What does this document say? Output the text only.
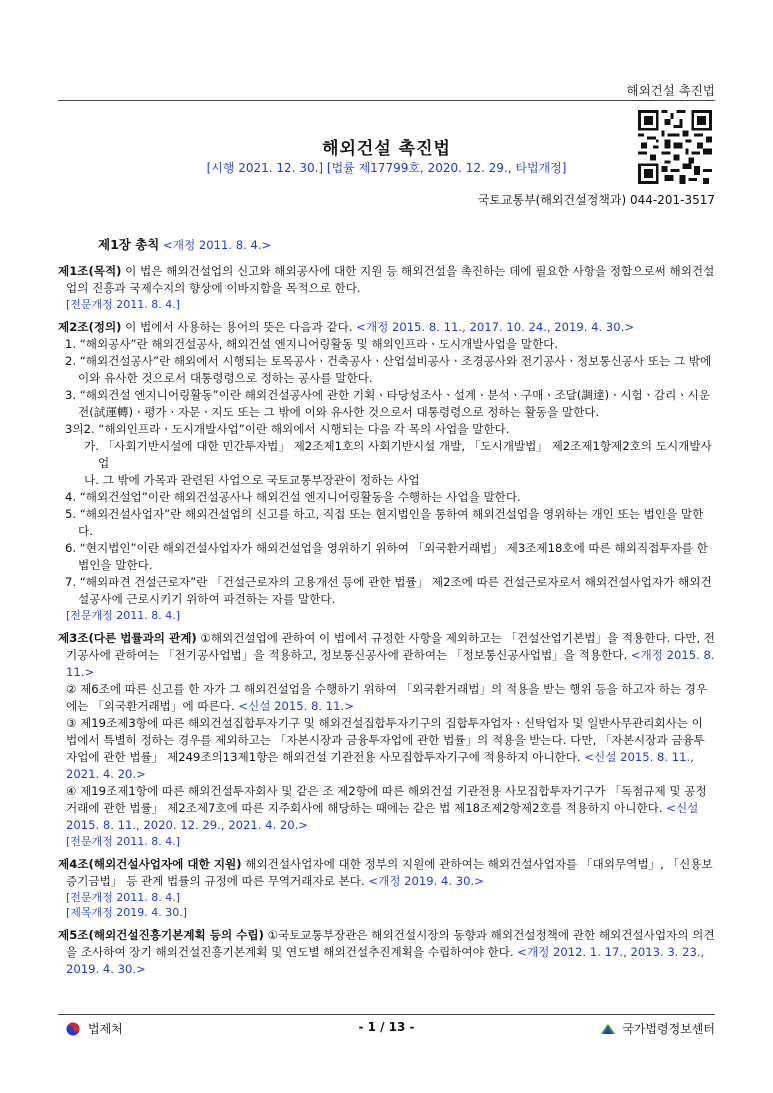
해외건설 촉진법
해외건설 촉진법
[시행 2021. 12. 30.] [법률 제17799호, 2020. 12. 29., 타법개정]
국토교통부(해외건설정책과) 044-201-3517
제1장 총칙 <개정 2011. 8. 4.>
제1조(목적) 이 법은 해외건설업의 신고와 해외공사에 대한 지원 등 해외건설을 촉진하는 데에 필요한 사항을 정함으로써 해외건설업의 진흥과 국제수지의 향상에 이바지함을 목적으로 한다.
[전문개정 2011. 8. 4.]
제2조(정의) 이 법에서 사용하는 용어의 뜻은 다음과 같다. <개정 2015. 8. 11., 2017. 10. 24., 2019. 4. 30.>
1. “해외공사”란 해외건설공사, 해외건설 엔지니어링활동 및 해외인프라ㆍ도시개발사업을 말한다.
2. “해외건설공사”란 해외에서 시행되는 토목공사ㆍ건축공사ㆍ산업설비공사ㆍ조경공사와 전기공사ㆍ정보통신공사 또는 그 밖에 이와 유사한 것으로서 대통령령으로 정하는 공사를 말한다.
3. “해외건설 엔지니어링활동”이란 해외건설공사에 관한 기획ㆍ타당성조사ㆍ설계ㆍ분석ㆍ구매ㆍ조달(調達)ㆍ시험ㆍ감리ㆍ시운전(試運轉)ㆍ평가ㆍ자문ㆍ지도 또는 그 밖에 이와 유사한 것으로서 대통령령으로 정하는 활동을 말한다.
3의2. “해외인프라ㆍ도시개발사업”이란 해외에서 시행되는 다음 각 목의 사업을 말한다.
가. 「사회기반시설에 대한 민간투자법」 제2조제1호의 사회기반시설 개발, 「도시개발법」 제2조제1항제2호의 도시개발사업
나. 그 밖에 가목과 관련된 사업으로 국토교통부장관이 정하는 사업
4. “해외건설업”이란 해외건설공사나 해외건설 엔지니어링활동을 수행하는 사업을 말한다.
5. “해외건설사업자”란 해외건설업의 신고를 하고, 직접 또는 현지법인을 통하여 해외건설업을 영위하는 개인 또는 법인을 말한다.
6. “현지법인”이란 해외건설사업자가 해외건설업을 영위하기 위하여 「외국환거래법」 제3조제18호에 따른 해외직접투자를 한 법인을 말한다.
7. “해외파견 건설근로자”란 「건설근로자의 고용개선 등에 관한 법률」 제2조에 따른 건설근로자로서 해외건설사업자가 해외건설공사에 근로시키기 위하여 파견하는 자를 말한다.
[전문개정 2011. 8. 4.]
제3조(다른 법률과의 관계) ①해외건설업에 관하여 이 법에서 규정한 사항을 제외하고는 「건설산업기본법」을 적용한다. 다만, 전기공사에 관하여는 「전기공사업법」을 적용하고, 정보통신공사에 관하여는 「정보통신공사업법」을 적용한다. <개정 2015. 8. 11.>
② 제6조에 따른 신고를 한 자가 그 해외건설업을 수행하기 위하여 「외국환거래법」의 적용을 받는 행위 등을 하고자 하는 경우에는 「외국환거래법」에 따른다. <신설 2015. 8. 11.>
③ 제19조제3항에 따른 해외건설집합투자기구 및 해외건설집합투자기구의 집합투자업자ㆍ신탁업자 및 일반사무관리회사는 이 법에서 특별히 정하는 경우를 제외하고는 「자본시장과 금융투자업에 관한 법률」의 적용을 받는다. 다만, 「자본시장과 금융투자업에 관한 법률」 제249조의13제1항은 해외건설 기관전용 사모집합투자기구에 적용하지 아니한다. <신설 2015. 8. 11., 2021. 4. 20.>
④ 제19조제1항에 따른 해외건설투자회사 및 같은 조 제2항에 따른 해외건설 기관전용 사모집합투자기구가 「독점규제 및 공정거래에 관한 법률」 제2조제7호에 따른 지주회사에 해당하는 때에는 같은 법 제18조제2항제2호를 적용하지 아니한다. <신설 2015. 8. 11., 2020. 12. 29., 2021. 4. 20.>
[전문개정 2011. 8. 4.]
제4조(해외건설사업자에 대한 지원) 해외건설사업자에 대한 정부의 지원에 관하여는 해외건설사업자를 「대외무역법」, 「신용보증기금법」 등 관계 법률의 규정에 따른 무역거래자로 본다. <개정 2019. 4. 30.>
[전문개정 2011. 8. 4.]
[제목개정 2019. 4. 30.]
제5조(해외건설진흥기본계획 등의 수립) ①국토교통부장관은 해외건설시장의 동향과 해외건설정책에 관한 해외건설사업자의 의견을 조사하여 장기 해외건설진흥기본계획 및 연도별 해외건설추진계획을 수립하여야 한다. <개정 2012. 1. 17., 2013. 3. 23., 2019. 4. 30.>
법제처	- 1 / 13 -	국가법령정보센터
